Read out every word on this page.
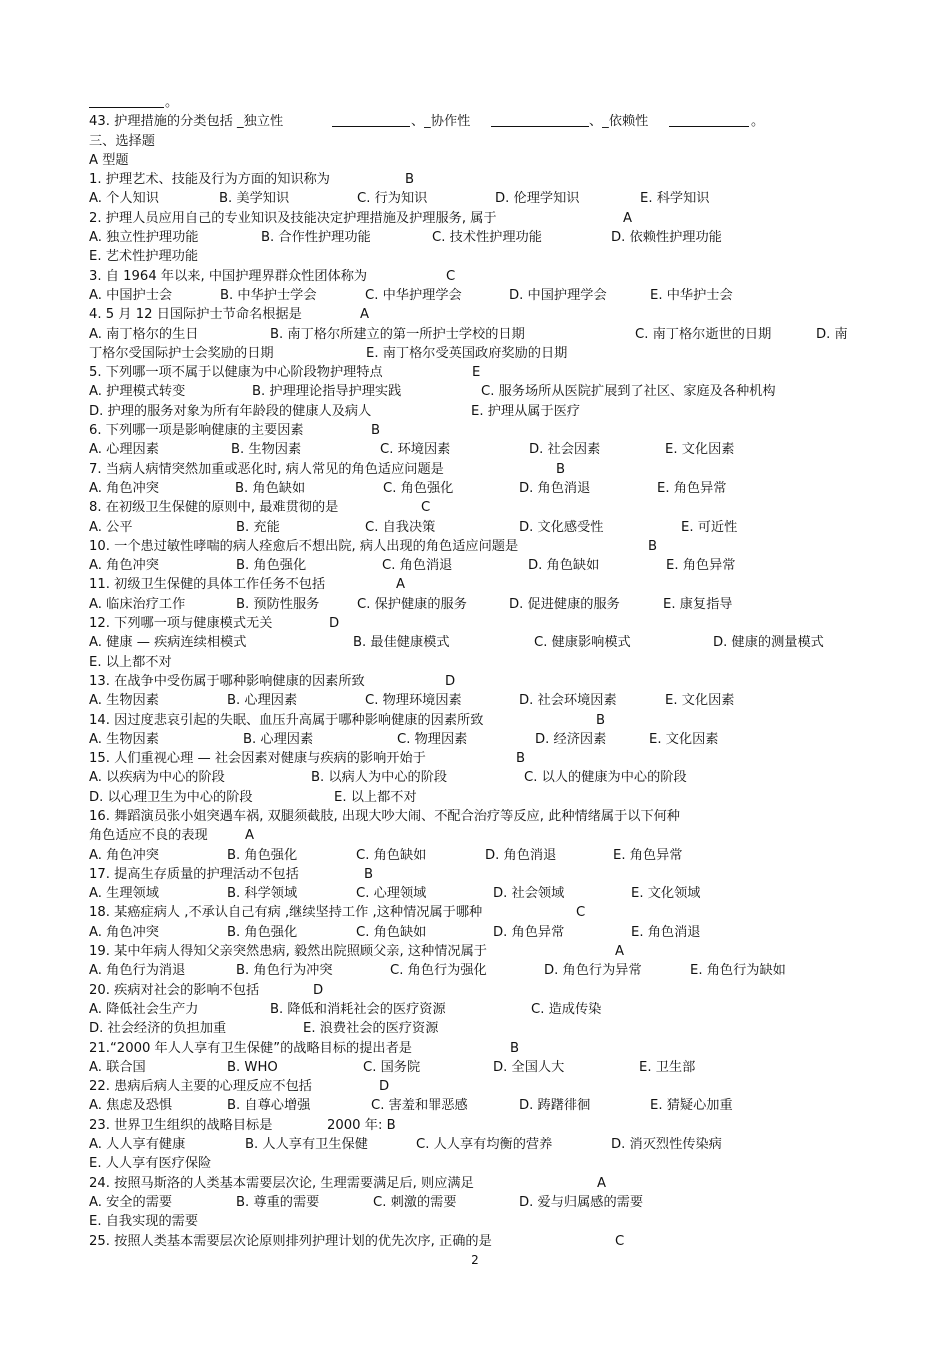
。
43. 护理措施的分类包括 _独立性	、_协作性	、_依赖性	。
三、选择题
A 型题
1. 护理艺术、技能及行为方面的知识称为	B
A. 个人知识	B. 美学知识	C. 行为知识	D. 伦理学知识	E. 科学知识
2. 护理人员应用自己的专业知识及技能决定护理措施及护理服务, 属于	A
A. 独立性护理功能	B. 合作性护理功能	C. 技术性护理功能	D. 依赖性护理功能
E. 艺术性护理功能
3. 自 1964 年以来, 中国护理界群众性团体称为	C
A. 中国护士会	B. 中华护士学会	C. 中华护理学会	D. 中国护理学会	E. 中华护士会
4. 5 月 12 日国际护士节命名根据是	A
A. 南丁格尔的生日	B. 南丁格尔所建立的第一所护士学校的日期	C. 南丁格尔逝世的日期	D. 南
丁格尔受国际护士会奖励的日期	E. 南丁格尔受英国政府奖励的日期
5. 下列哪一项不属于以健康为中心阶段物护理特点	E
A. 护理模式转变	B. 护理理论指导护理实践	C. 服务场所从医院扩展到了社区、家庭及各种机构
D. 护理的服务对象为所有年龄段的健康人及病人	E. 护理从属于医疗
6. 下列哪一项是影响健康的主要因素	B
A. 心理因素	B. 生物因素	C. 环境因素	D. 社会因素	E. 文化因素
7. 当病人病情突然加重或恶化时, 病人常见的角色适应问题是	B
A. 角色冲突	B. 角色缺如	C. 角色强化	D. 角色消退	E. 角色异常
8. 在初级卫生保健的原则中, 最难贯彻的是	C
A. 公平	B. 充能	C. 自我决策	D. 文化感受性	E. 可近性
10. 一个患过敏性哮喘的病人痊愈后不想出院, 病人出现的角色适应问题是	B
A. 角色冲突	B. 角色强化	C. 角色消退	D. 角色缺如	E. 角色异常
11. 初级卫生保健的具体工作任务不包括	A
A. 临床治疗工作	B. 预防性服务	C. 保护健康的服务	D. 促进健康的服务	E. 康复指导
12. 下列哪一项与健康模式无关	D
A. 健康 — 疾病连续相模式	B. 最佳健康模式	C. 健康影响模式	D. 健康的测量模式
E. 以上都不对
13. 在战争中受伤属于哪种影响健康的因素所致	D
A. 生物因素	B. 心理因素	C. 物理环境因素	D. 社会环境因素	E. 文化因素
14. 因过度悲哀引起的失眠、血压升高属于哪种影响健康的因素所致	B
A. 生物因素	B. 心理因素	C. 物理因素	D. 经济因素	E. 文化因素
15. 人们重视心理 — 社会因素对健康与疾病的影响开始于	B
A. 以疾病为中心的阶段	B. 以病人为中心的阶段	C. 以人的健康为中心的阶段
D. 以心理卫生为中心的阶段	E. 以上都不对
16. 舞蹈演员张小姐突遇车祸, 双腿须截肢, 出现大吵大闹、不配合治疗等反应, 此种情绪属于以下何种
角色适应不良的表现	A
A. 角色冲突	B. 角色强化	C. 角色缺如	D. 角色消退	E. 角色异常
17. 提高生存质量的护理活动不包括	B
A. 生理领域	B. 科学领域	C. 心理领域	D. 社会领域	E. 文化领域
18. 某癌症病人 ,不承认自己有病 ,继续坚持工作 ,这种情况属于哪种	C
A. 角色冲突	B. 角色强化	C. 角色缺如	D. 角色异常	E. 角色消退
19. 某中年病人得知父亲突然患病, 毅然出院照顾父亲, 这种情况属于	A
A. 角色行为消退	B. 角色行为冲突	C. 角色行为强化	D. 角色行为异常	E. 角色行为缺如
20. 疾病对社会的影响不包括	D
A. 降低社会生产力	B. 降低和消耗社会的医疗资源	C. 造成传染
D. 社会经济的负担加重	E. 浪费社会的医疗资源
21.“2000 年人人享有卫生保健”的战略目标的提出者是	B
A. 联合国	B. WHO	C. 国务院	D. 全国人大	E. 卫生部
22. 患病后病人主要的心理反应不包括	D
A. 焦虑及恐惧	B. 自尊心增强	C. 害羞和罪恶感	D. 踌躇徘徊	E. 猜疑心加重
23. 世界卫生组织的战略目标是	2000 年: B
A. 人人享有健康	B. 人人享有卫生保健	C. 人人享有均衡的营养	D. 消灭烈性传染病
E. 人人享有医疗保险
24. 按照马斯洛的人类基本需要层次论, 生理需要满足后, 则应满足	A
A. 安全的需要	B. 尊重的需要	C. 刺激的需要	D. 爱与归属感的需要
E. 自我实现的需要
25. 按照人类基本需要层次论原则排列护理计划的优先次序, 正确的是	C
2
